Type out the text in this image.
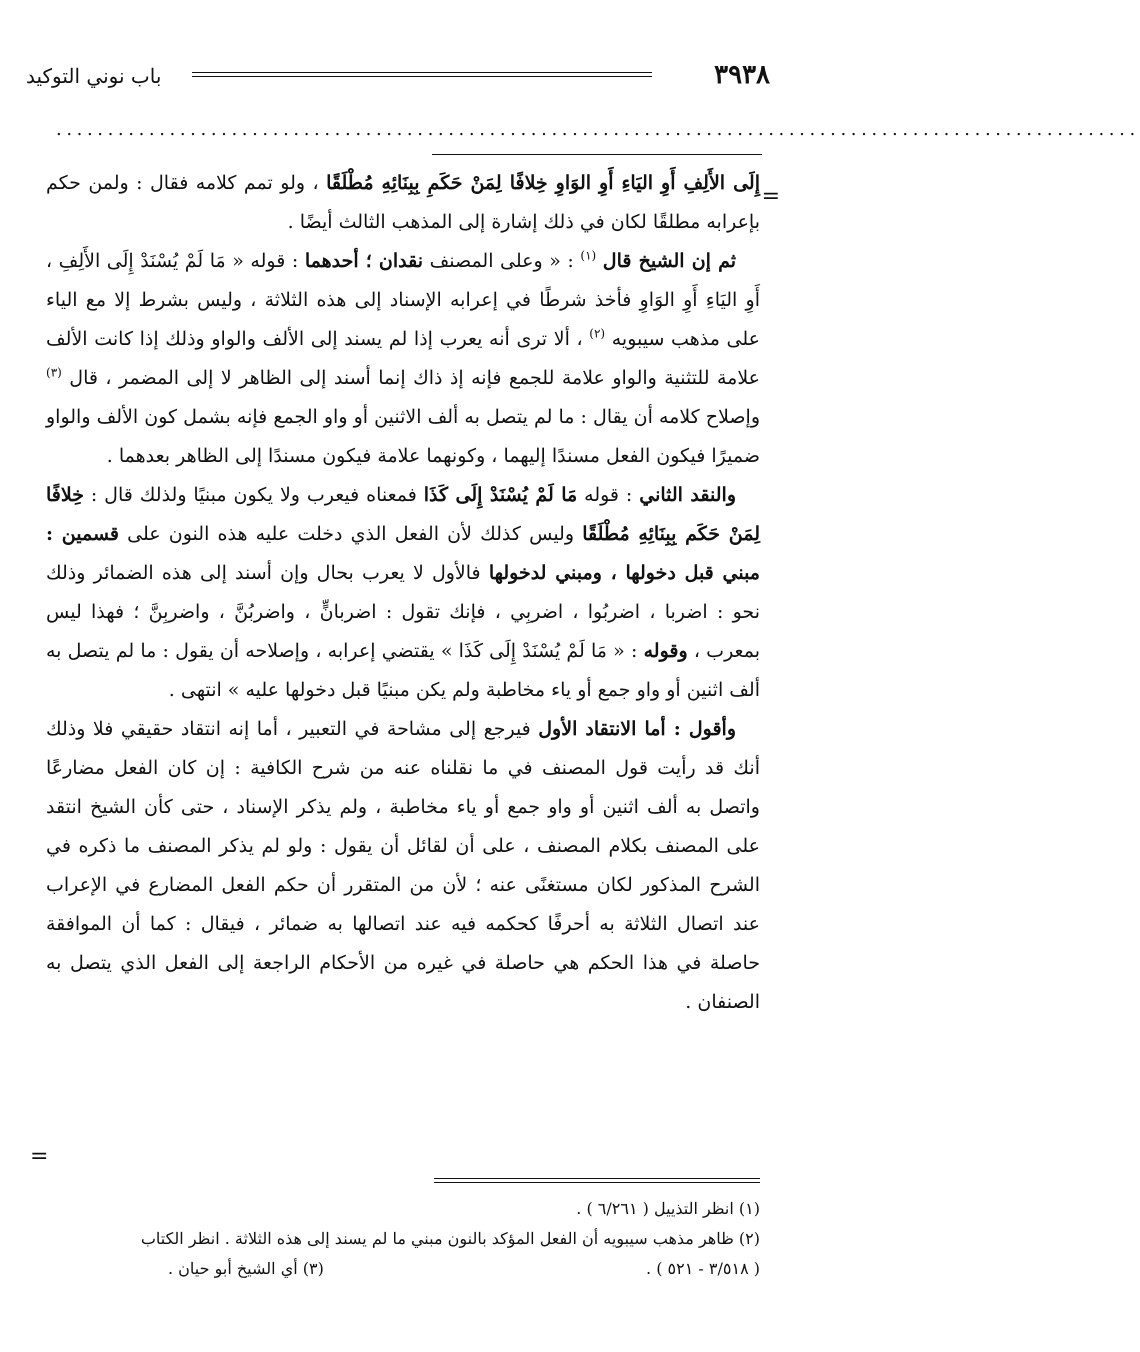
٣٩٣٨
باب نوني التوكيد
.........................................................................................................
=

إِلَى الأَلِفِ أَوِ اليَاءِ أَوِ الوَاوِ خِلافًا لِمَنْ حَكَمِ بِبِنَائِهِ مُطْلَقًا ، ولو تمم كلامه فقال : ولمن حكم بإعرابه مطلقًا لكان في ذلك إشارة إلى المذهب الثالث أيضًا .

ثم إن الشيخ قال $^{(١)}$ : « وعلى المصنف نقدان ؛ أحدهما : قوله « مَا لَمْ يُسْنَدْ إِلَى الأَلِفِ ، أَوِ اليَاءِ أَوِ الوَاوِ فأخذ شرطًا في إعرابه الإسناد إلى هذه الثلاثة ، وليس بشرط إلا مع الياء على مذهب سيبويه $^{(٢)}$ ، ألا ترى أنه يعرب إذا لم يسند إلى الألف والواو وذلك إذا كانت الألف علامة للتثنية والواو علامة للجمع فإنه إذ ذاك إنما أسند إلى الظاهر لا إلى المضمر ، قال $^{(٣)}$ وإصلاح كلامه أن يقال : ما لم يتصل به ألف الاثنين أو واو الجمع فإنه بشمل كون الألف والواو ضميرًا فيكون الفعل مسندًا إليهما ، وكونهما علامة فيكون مسندًا إلى الظاهر بعدهما .

والنقد الثاني : قوله مَا لَمْ يُسْنَدْ إِلَى كَذَا فمعناه فيعرب ولا يكون مبنيًا ولذلك قال : خِلافًا لِمَنْ حَكَم بِبِنَائِهِ مُطْلَقًا وليس كذلك لأن الفعل الذي دخلت عليه هذه النون على قسمين : مبني قبل دخولها ، ومبني لدخولها فالأول لا يعرب بحال وإن أسند إلى هذه الضمائر وذلك نحو : اضربا ، اضربُوا ، اضربِي ، فإنك تقول : اضربانٍّ ، واضربُنَّ ، واضربِنَّ ؛ فهذا ليس بمعرب ، وقوله : « مَا لَمْ يُسْنَدْ إِلَى كَذَا » يقتضي إعرابه ، وإصلاحه أن يقول : ما لم يتصل به ألف اثنين أو واو جمع أو ياء مخاطبة ولم يكن مبنيًا قبل دخولها عليه » انتهى .

وأقول : أما الانتقاد الأول فيرجع إلى مشاحة في التعبير ، أما إنه انتقاد حقيقي فلا وذلك أنك قد رأيت قول المصنف في ما نقلناه عنه من شرح الكافية : إن كان الفعل مضارعًا واتصل به ألف اثنين أو واو جمع أو ياء مخاطبة ، ولم يذكر الإسناد ، حتى كأن الشيخ انتقد على المصنف بكلام المصنف ، على أن لقائل أن يقول : ولو لم يذكر المصنف ما ذكره في الشرح المذكور لكان مستغنًى عنه ؛ لأن من المتقرر أن حكم الفعل المضارع في الإعراب عند اتصال الثلاثة به أحرفًا كحكمه فيه عند اتصالها به ضمائر ، فيقال : كما أن الموافقة حاصلة في هذا الحكم هي حاصلة في غيره من الأحكام الراجعة إلى الفعل الذي يتصل به الصنفان .

=

(١) انظر التذييل ( ٦/٢٦١ ) .

(٢) ظاهر مذهب سيبويه أن الفعل المؤكد بالنون مبني ما لم يسند إلى هذه الثلاثة . انظر الكتاب

( ٣/٥١٨ - ٥٢١ ) .
(٣) أي الشيخ أبو حيان .
